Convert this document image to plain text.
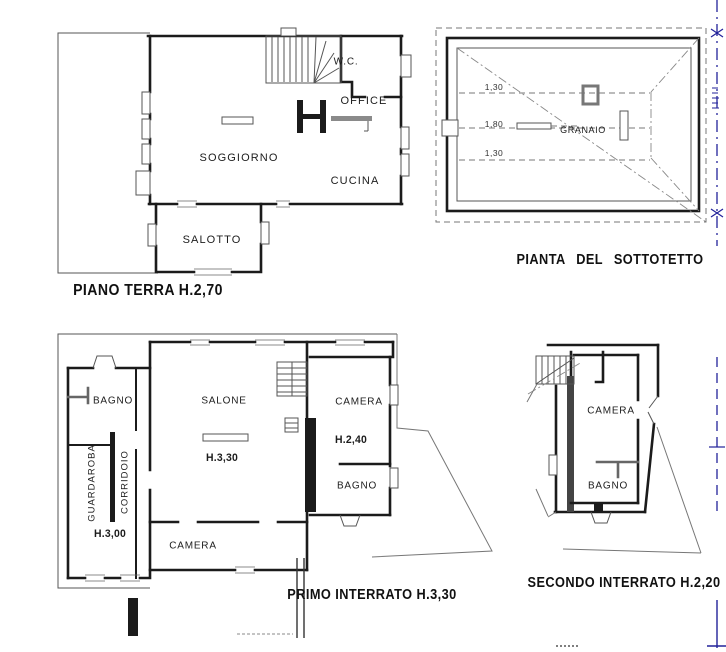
W.C.
OFFICE
SOGGIORNO
CUCINA
SALOTTO
PIANO TERRA H.2,70
1,30
1,80
1,30
GRANAIO
PIANTA DEL SOTTOTETTO
BAGNO	SALONE	CAMERA
H.2,40
H.3,30
BAGNO
GUARDAROBA CORRIDOIO
H.3,00
CAMERA
PRIMO INTERRATO H.3,30
CAMERA
BAGNO
SECONDO INTERRATO H.2,20
